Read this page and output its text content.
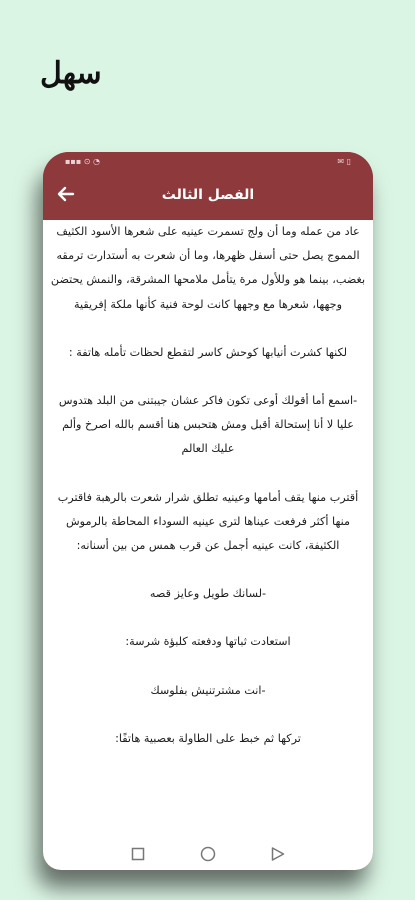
سهل
▪▪▪ ⊙ ◔	✉ ▯
الفصل الثالث

عاد من عمله وما أن ولج تسمرت عينيه على شعرها الأسود الكثيف
المموج يصل حتى أسفل ظهرها، وما أن شعرت به أستدارت ترمقه بغضب، بينما هو وللأول مرة يتأمل ملامحها المشرقة، والنمش يحتضن وجهها، شعرها مع وجهها كانت لوحة فنية كأنها ملكة إفريقية

لكنها كشرت أنيابها كوحش كاسر لتقطع لحظات تأمله هاتفة :

-اسمع أما أقولك أوعى تكون فاكر عشان جيبتنى من البلد هتدوس عليا لا أنا إستحالة أقبل ومش هتحبس هنا أقسم بالله اصرخ وألم عليك العالم

أقترب منها يقف أمامها وعينيه تطلق شرار شعرت بالرهبة فاقترب منها أكثر فرفعت عيناها لترى عينيه السوداء المحاطة بالرموش الكثيفة، كانت عينيه أجمل عن قرب همس من بين أسنانه:

-لسانك طويل وعايز قصه

استعادت ثباتها ودفعته كلبؤة شرسة:

-انت مشترتنيش بفلوسك

تركها ثم خبط على الطاولة بعصبية هاتفًا:
